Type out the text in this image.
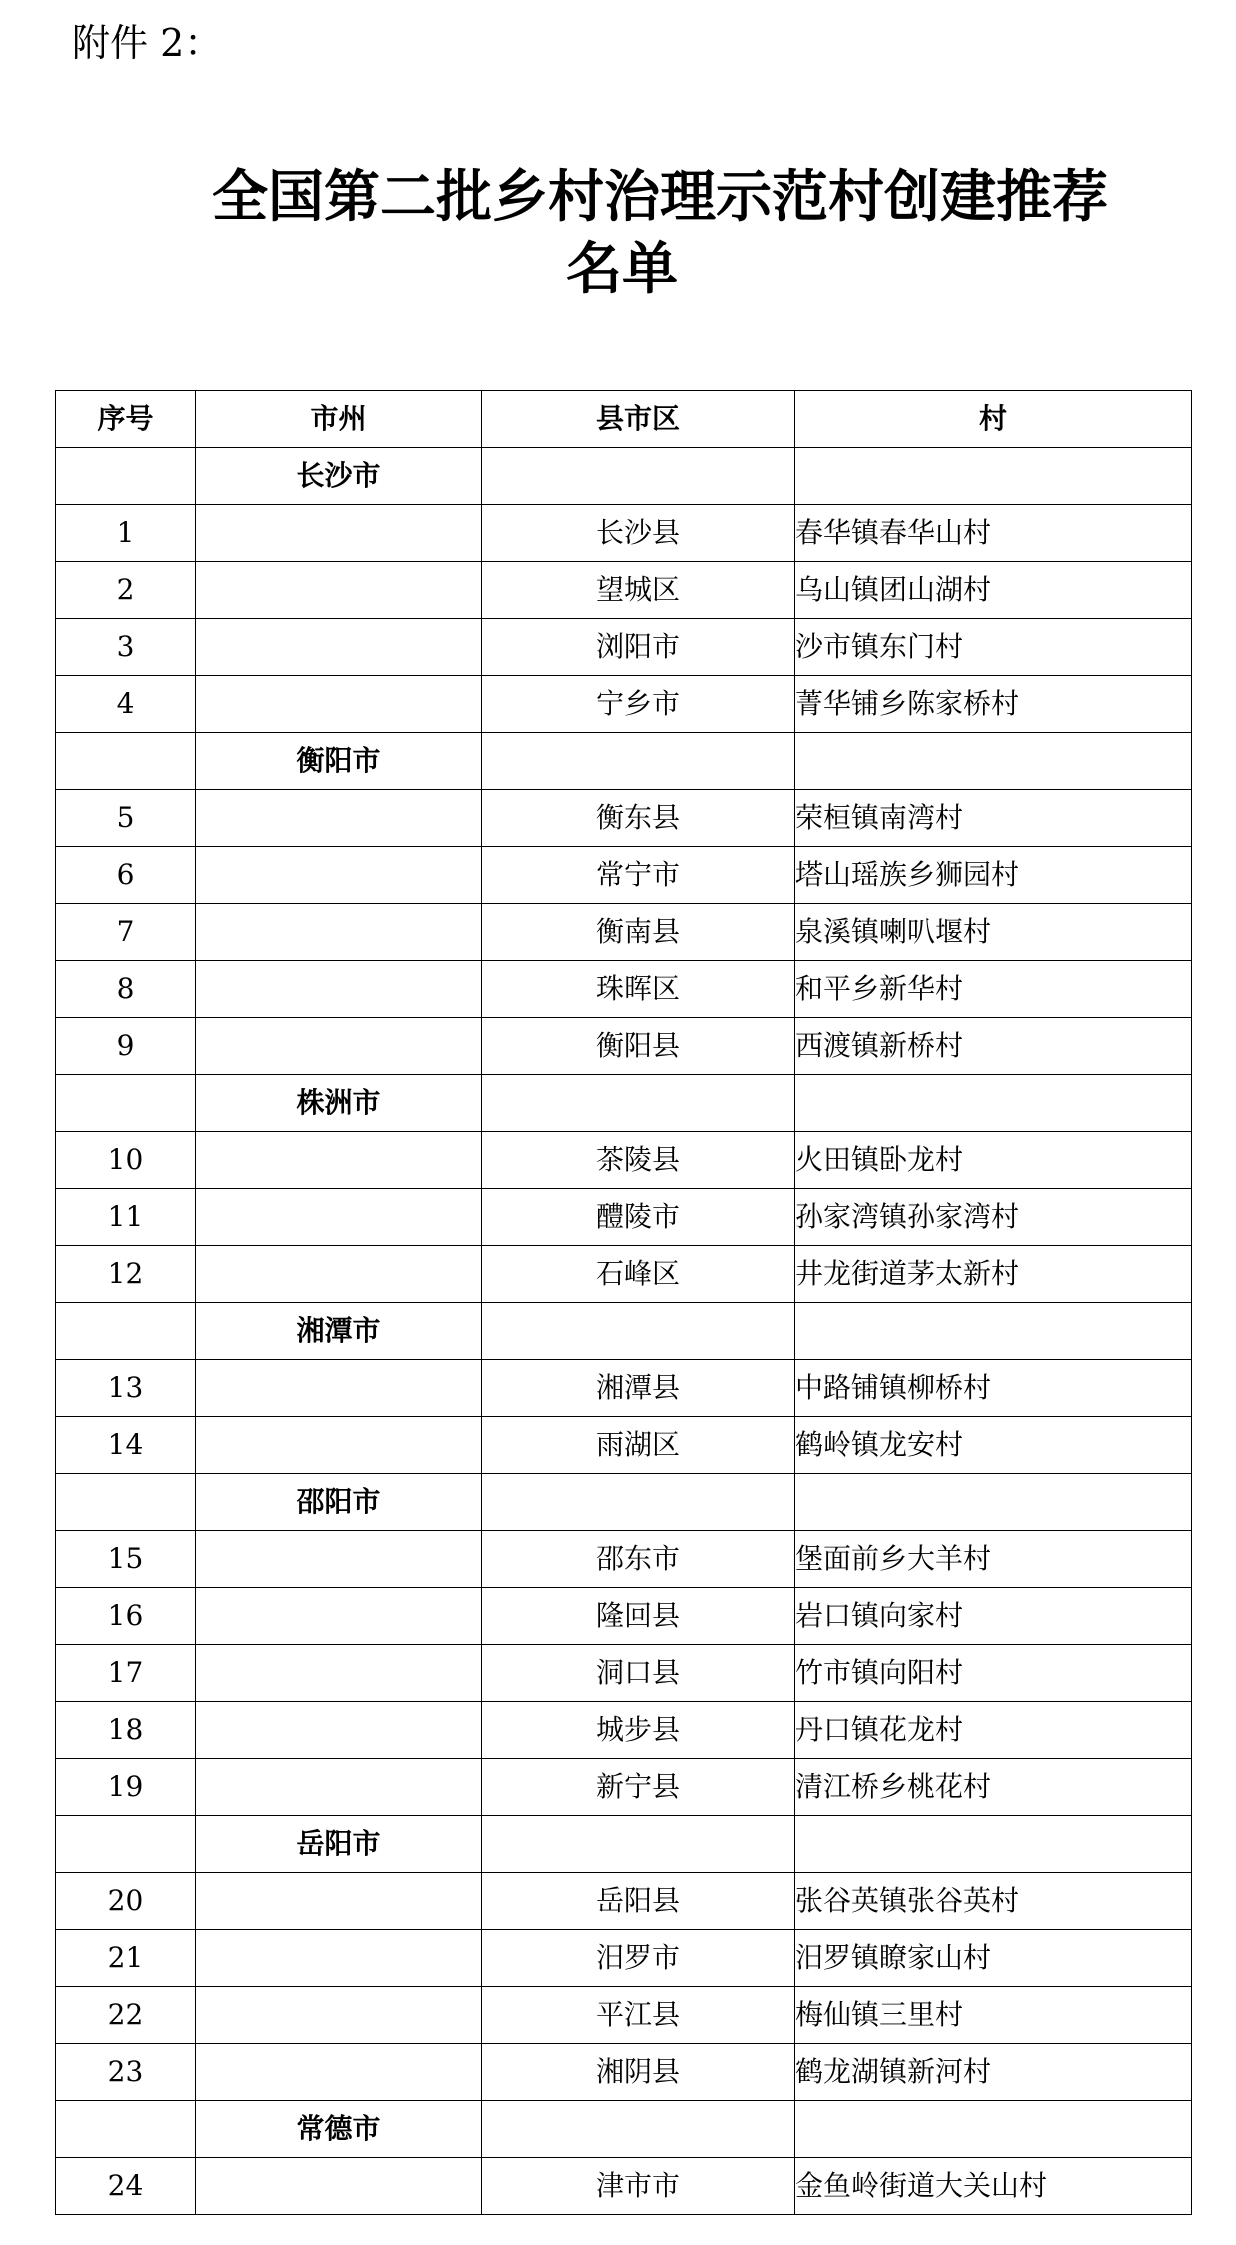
附件 2：
全国第二批乡村治理示范村创建推荐
名单
序号	市州	县市区	村
	长沙市		
1		长沙县	春华镇春华山村
2		望城区	乌山镇团山湖村
3		浏阳市	沙市镇东门村
4		宁乡市	菁华铺乡陈家桥村
	衡阳市		
5		衡东县	荣桓镇南湾村
6		常宁市	塔山瑶族乡狮园村
7		衡南县	泉溪镇喇叭堰村
8		珠晖区	和平乡新华村
9		衡阳县	西渡镇新桥村
	株洲市		
10		茶陵县	火田镇卧龙村
11		醴陵市	孙家湾镇孙家湾村
12		石峰区	井龙街道茅太新村
	湘潭市		
13		湘潭县	中路铺镇柳桥村
14		雨湖区	鹤岭镇龙安村
	邵阳市		
15		邵东市	堡面前乡大羊村
16		隆回县	岩口镇向家村
17		洞口县	竹市镇向阳村
18		城步县	丹口镇花龙村
19		新宁县	清江桥乡桃花村
	岳阳市		
20		岳阳县	张谷英镇张谷英村
21		汨罗市	汨罗镇瞭家山村
22		平江县	梅仙镇三里村
23		湘阴县	鹤龙湖镇新河村
	常德市		
24		津市市	金鱼岭街道大关山村
